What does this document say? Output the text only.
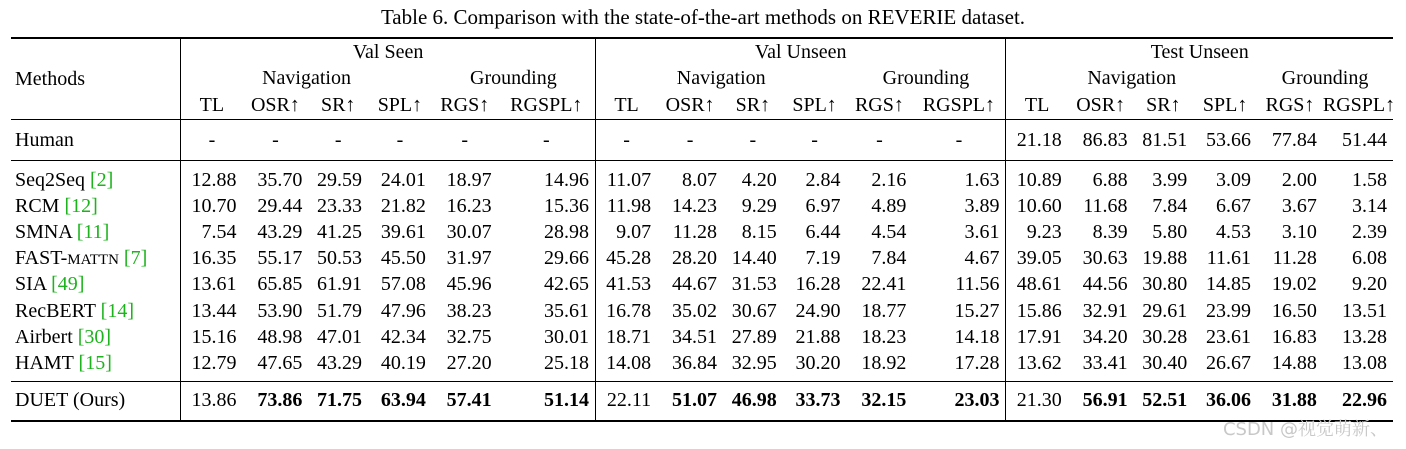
Table 6. Comparison with the state-of-the-art methods on REVERIE dataset.
Methods	Val Seen						Val Unseen						Test Unseen					
	Navigation				Grounding		Navigation				Grounding		Navigation				Grounding	
	TL	OSR↑	SR↑	SPL↑	RGS↑	RGSPL↑	TL	OSR↑	SR↑	SPL↑	RGS↑	RGSPL↑	TL	OSR↑	SR↑	SPL↑	RGS↑	RGSPL↑
Human	-	-	-	-	-	-	-	-	-	-	-	-	21.18	86.83	81.51	53.66	77.84	51.44
Seq2Seq [2]	12.88	35.70	29.59	24.01	18.97	14.96	11.07	8.07	4.20	2.84	2.16	1.63	10.89	6.88	3.99	3.09	2.00	1.58
RCM [12]	10.70	29.44	23.33	21.82	16.23	15.36	11.98	14.23	9.29	6.97	4.89	3.89	10.60	11.68	7.84	6.67	3.67	3.14
SMNA [11]	7.54	43.29	41.25	39.61	30.07	28.98	9.07	11.28	8.15	6.44	4.54	3.61	9.23	8.39	5.80	4.53	3.10	2.39
FAST-MATTN [7]	16.35	55.17	50.53	45.50	31.97	29.66	45.28	28.20	14.40	7.19	7.84	4.67	39.05	30.63	19.88	11.61	11.28	6.08
SIA [49]	13.61	65.85	61.91	57.08	45.96	42.65	41.53	44.67	31.53	16.28	22.41	11.56	48.61	44.56	30.80	14.85	19.02	9.20
RecBERT [14]	13.44	53.90	51.79	47.96	38.23	35.61	16.78	35.02	30.67	24.90	18.77	15.27	15.86	32.91	29.61	23.99	16.50	13.51
Airbert [30]	15.16	48.98	47.01	42.34	32.75	30.01	18.71	34.51	27.89	21.88	18.23	14.18	17.91	34.20	30.28	23.61	16.83	13.28
HAMT [15]	12.79	47.65	43.29	40.19	27.20	25.18	14.08	36.84	32.95	30.20	18.92	17.28	13.62	33.41	30.40	26.67	14.88	13.08
DUET (Ours)	13.86	73.86	71.75	63.94	57.41	51.14	22.11	51.07	46.98	33.73	32.15	23.03	21.30	56.91	52.51	36.06	31.88	22.96
CSDN @视觉萌新、
